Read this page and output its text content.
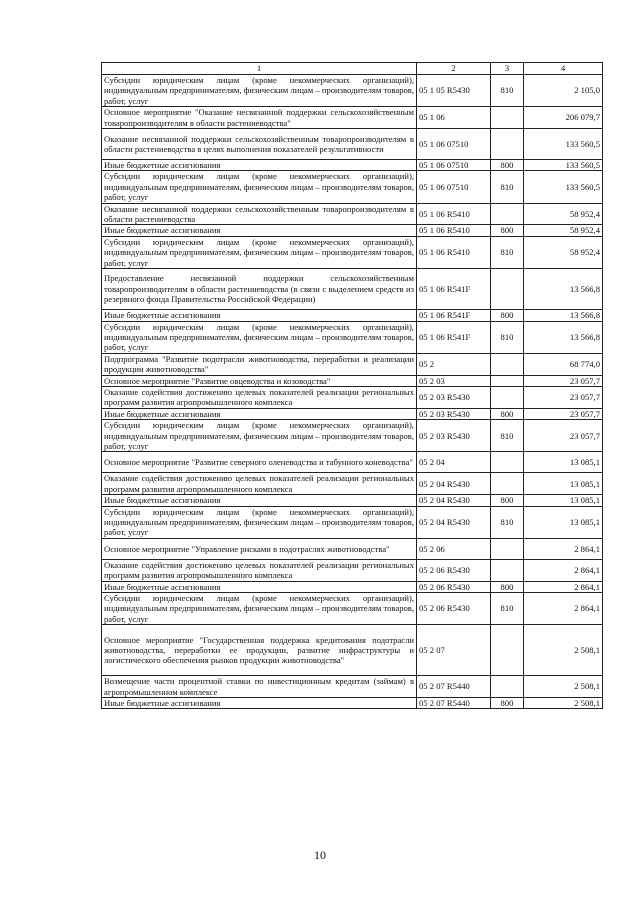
1	2	3	4
Субсидии юридическим лицам (кроме некоммерческих организаций), индивидуальным предпринимателям, физическим лицам – производителям товаров, работ, услуг	05 1 05 R5430	810	2 105,0
Основное мероприятие "Оказание несвязанной поддержки сельскохозяйственным товаропроизводителям в области растениеводства"	05 1 06		206 079,7
Оказание несвязанной поддержки сельскохозяйственным товаропроизводителям в области растениеводства в целях выполнения показателей результативности	05 1 06 07510		133 560,5
Иные бюджетные ассигнования	05 1 06 07510	800	133 560,5
Субсидии юридическим лицам (кроме некоммерческих организаций), индивидуальным предпринимателям, физическим лицам – производителям товаров, работ, услуг	05 1 06 07510	810	133 560,5
Оказание несвязанной поддержки сельскохозяйственным товаропроизводителям в области растениеводства	05 1 06 R5410		58 952,4
Иные бюджетные ассигнования	05 1 06 R5410	800	58 952,4
Субсидии юридическим лицам (кроме некоммерческих организаций), индивидуальным предпринимателям, физическим лицам – производителям товаров, работ, услуг	05 1 06 R5410	810	58 952,4
Предоставление несвязанной поддержки сельскохозяйственным товаропроизводителям в области растениеводства (в связи с выделением средств из резервного фонда Правительства Российской Федерации)	05 1 06 R541F		13 566,8
Иные бюджетные ассигнования	05 1 06 R541F	800	13 566,8
Субсидии юридическим лицам (кроме некоммерческих организаций), индивидуальным предпринимателям, физическим лицам – производителям товаров, работ, услуг	05 1 06 R541F	810	13 566,8
Подпрограмма "Развитие подотрасли животноводства, переработки и реализации продукции животноводства"	05 2		68 774,0
Основное мероприятие "Развитие овцеводства и козоводства"	05 2 03		23 057,7
Оказание содействия достижению целевых показателей реализации региональных программ развития агропромышленного комплекса	05 2 03 R5430		23 057,7
Иные бюджетные ассигнования	05 2 03 R5430	800	23 057,7
Субсидии юридическим лицам (кроме некоммерческих организаций), индивидуальным предпринимателям, физическим лицам – производителям товаров, работ, услуг	05 2 03 R5430	810	23 057,7
Основное мероприятие "Развитие северного оленеводства и табунного коневодства"	05 2 04		13 085,1
Оказание содействия достижению целевых показателей реализации региональных программ развития агропромышленного комплекса	05 2 04 R5430		13 085,1
Иные бюджетные ассигнования	05 2 04 R5430	800	13 085,1
Субсидии юридическим лицам (кроме некоммерческих организаций), индивидуальным предпринимателям, физическим лицам – производителям товаров, работ, услуг	05 2 04 R5430	810	13 085,1
Основное мероприятие "Управление рисками в подотраслях животноводства"	05 2 06		2 864,1
Оказание содействия достижению целевых показателей реализации региональных программ развития агропромышленного комплекса	05 2 06 R5430		2 864,1
Иные бюджетные ассигнования	05 2 06 R5430	800	2 864,1
Субсидии юридическим лицам (кроме некоммерческих организаций), индивидуальным предпринимателям, физическим лицам – производителям товаров, работ, услуг	05 2 06 R5430	810	2 864,1
Основное мероприятие "Государственная поддержка кредитования подотрасли животноводства, переработки ее продукции, развитие инфраструктуры и логистического обеспечения рынков продукции животноводства"	05 2 07		2 508,1
Возмещение части процентной ставки по инвестиционным кредитам (займам) в агропромышленном комплексе	05 2 07 R5440		2 508,1
Иные бюджетные ассигнования	05 2 07 R5440	800	2 508,1
10
